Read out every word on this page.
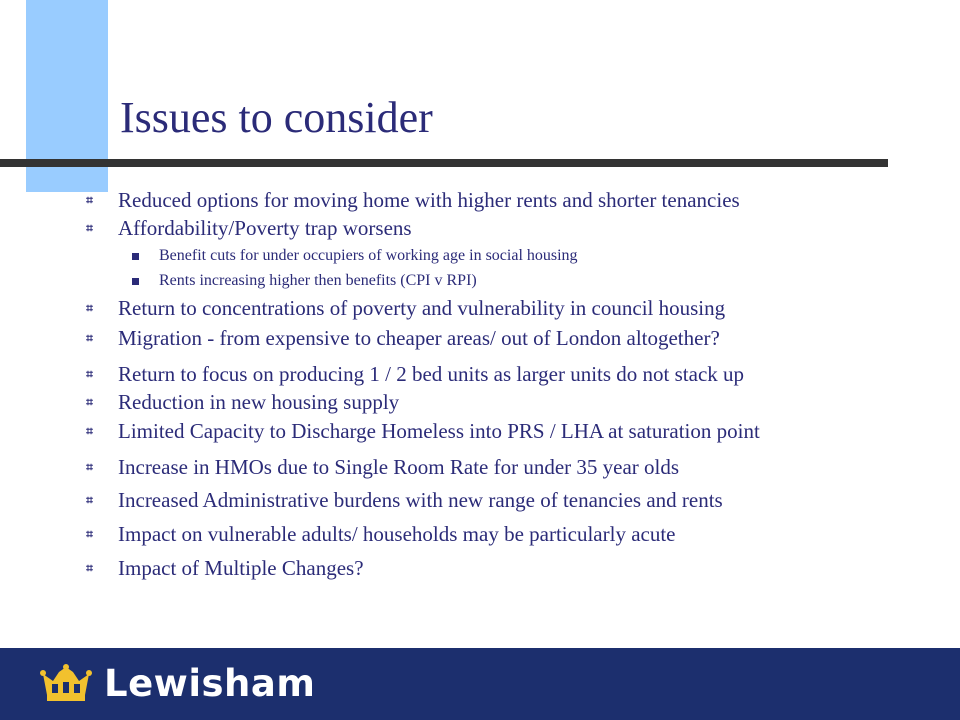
Issues to consider
⌗ Reduced options for moving home with higher rents and shorter tenancies
⌗ Affordability/Poverty trap worsens
Benefit cuts for under occupiers of working age in social housing
Rents increasing higher then benefits (CPI v RPI)
⌗ Return to concentrations of poverty and vulnerability in council housing
⌗ Migration - from expensive to cheaper areas/ out of London altogether?
⌗ Return to focus on producing 1 / 2 bed units as larger units do not stack up
⌗ Reduction in new housing supply
⌗ Limited Capacity to Discharge Homeless into PRS / LHA at saturation point
⌗ Increase in HMOs due to Single Room Rate for under 35 year olds
⌗ Increased Administrative burdens with new range of tenancies and rents
⌗ Impact on vulnerable adults/ households may be particularly acute
⌗ Impact of Multiple Changes?
Lewisham
